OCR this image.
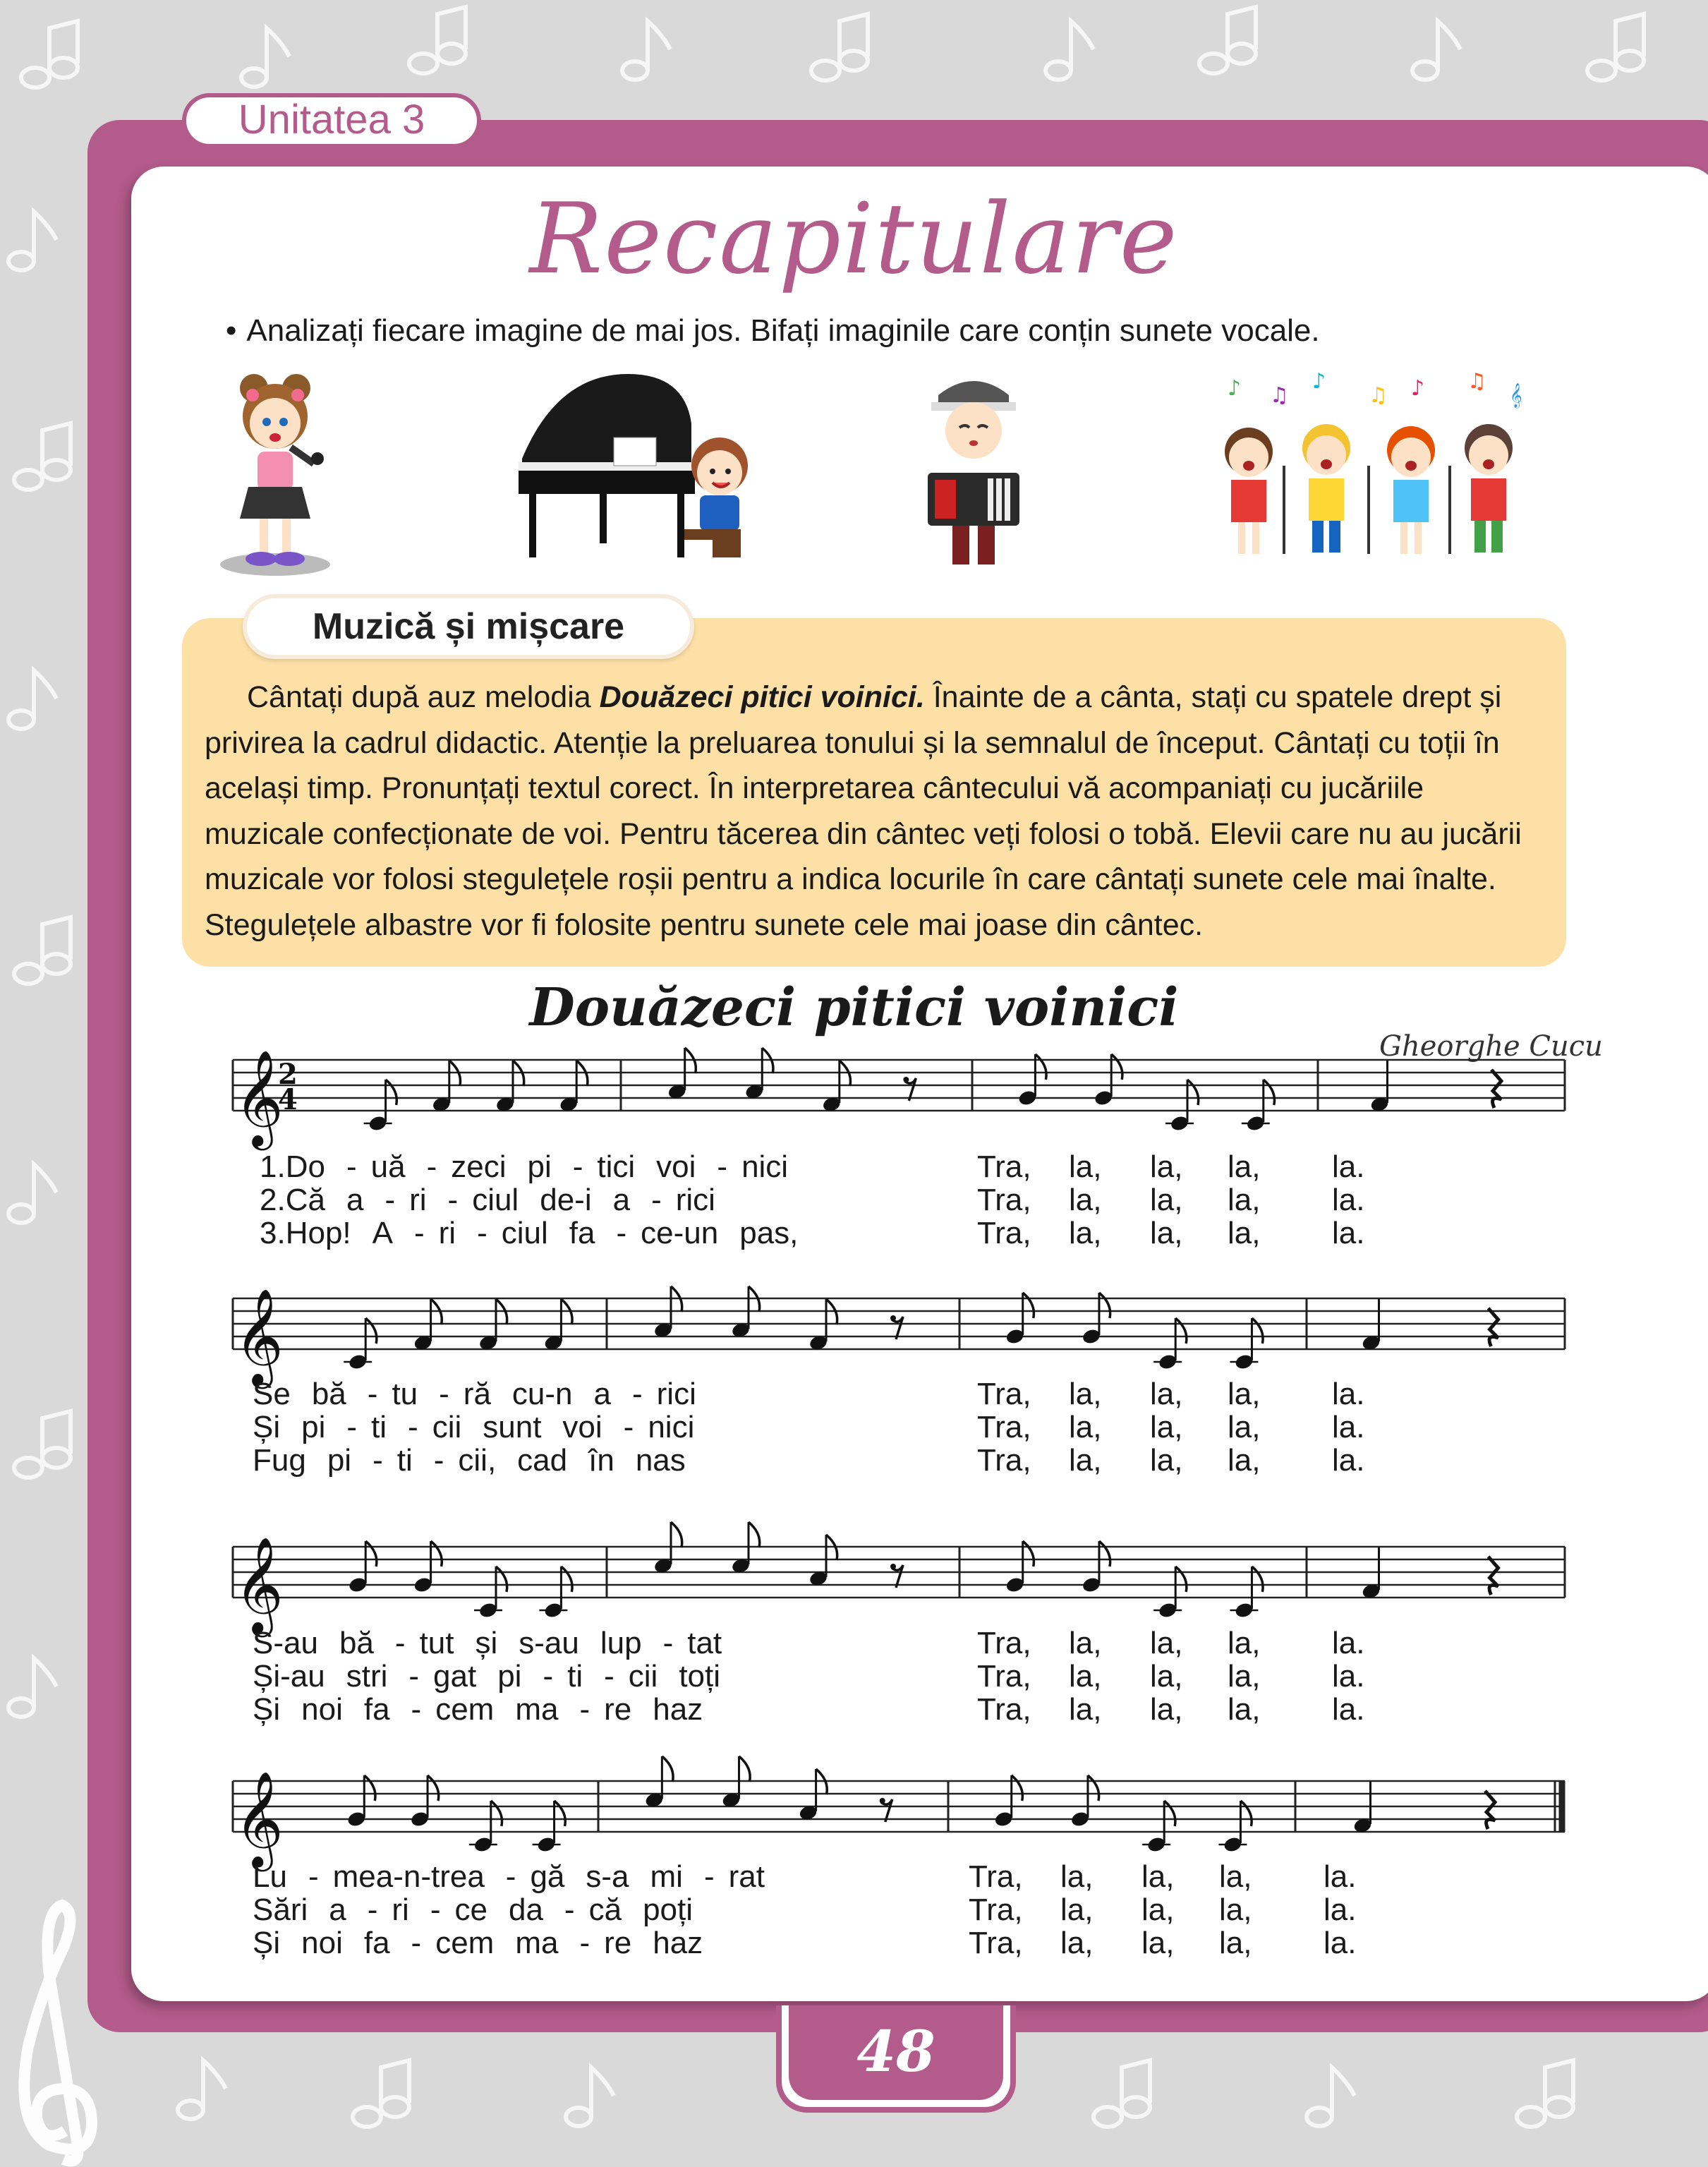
Unitatea 3
Recapitulare
• Analizați fiecare imagine de mai jos. Bifați imaginile care conțin sunete vocale.
♪ ♫
♪
♫ ♪ ♫
𝄞
Muzică și mișcare

Cântați după auz melodia Douăzeci pitici voinici. Înainte de a cânta, stați cu spatele drept și privirea la cadrul didactic. Atenție la preluarea tonului și la semnalul de început. Cântați cu toții în același timp. Pronunțați textul corect. În interpretarea cântecului vă acompaniați cu jucăriile muzicale confecționate de voi. Pentru tăcerea din cântec veți folosi o tobă. Elevii care nu au jucării muzicale vor folosi stegulețele roșii pentru a indica locurile în care cântați sunete cele mai înalte. Stegulețele albastre vor fi folosite pentru sunete cele mai joase din cântec.

Douăzeci pitici voinici
Gheorghe Cucu
𝄞
2
4
𝄞
𝄞
𝄞
1.Do - uă - zeci pi - tici voi - nici	Tra, la, la, la, la.
2.Că a - ri - ciul de-i a - rici	Tra, la, la, la, la.
3.Hop! A - ri - ciul fa - ce-un pas,	Tra, la, la, la, la.
Se bă - tu - ră cu-n a - rici	Tra, la, la, la, la.
Și pi - ti - cii sunt voi - nici	Tra, la, la, la, la.
Fug pi - ti - cii, cad în nas	Tra, la, la, la, la.
S-au bă - tut și s-au lup - tat	Tra, la, la, la, la.
Și-au stri - gat pi - ti - cii toți	Tra, la, la, la, la.
Și noi fa - cem ma - re haz	Tra, la, la, la, la.
Lu - mea-n-trea - gă s-a mi - rat	Tra, la, la, la, la.
Sări a - ri - ce da - că poți	Tra, la, la, la, la.
Și noi fa - cem ma - re haz	Tra, la, la, la, la.
48
